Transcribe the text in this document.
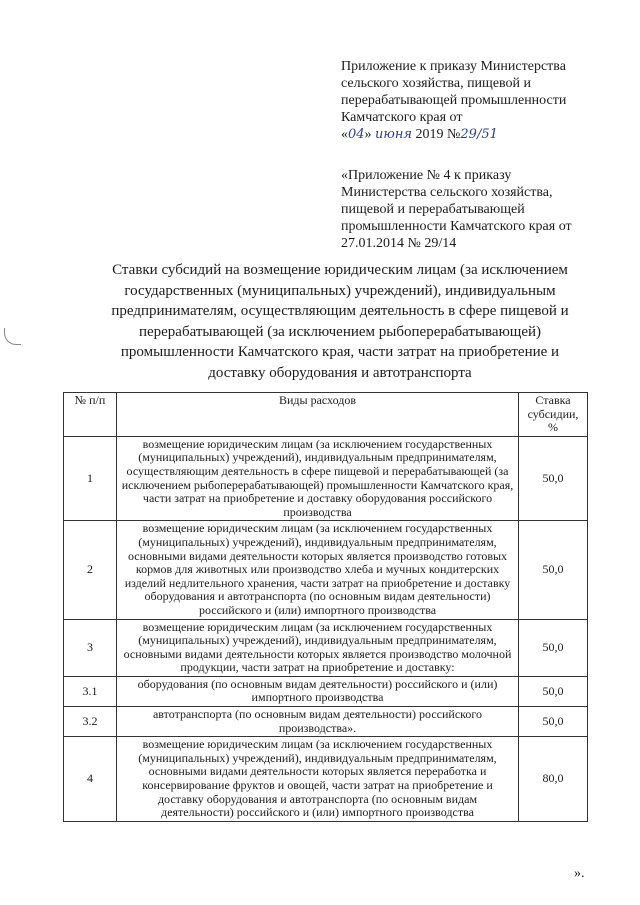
Приложение к приказу Министерства

сельского хозяйства, пищевой и

перерабатывающей промышленности

Камчатского края от

«04» июня 2019 №29/51

«Приложение № 4 к приказу

Министерства сельского хозяйства,

пищевой и перерабатывающей

промышленности Камчатского края от

27.01.2014 № 29/14

Ставки субсидий на возмещение юридическим лицам (за исключением государственных (муниципальных) учреждений), индивидуальным предпринимателям, осуществляющим деятельность в сфере пищевой и перерабатывающей (за исключением рыбоперерабатывающей) промышленности Камчатского края, части затрат на приобретение и доставку оборудования и автотранспорта
№ п/п	Виды расходов	Ставка субсидии, %
1	возмещение юридическим лицам (за исключением государственных (муниципальных) учреждений), индивидуальным предпринимателям, осуществляющим деятельность в сфере пищевой и перерабатывающей (за исключением рыбоперерабатывающей) промышленности Камчатского края, части затрат на приобретение и доставку оборудования российского производства	50,0
2	возмещение юридическим лицам (за исключением государственных (муниципальных) учреждений), индивидуальным предпринимателям, основными видами деятельности которых является производство готовых кормов для животных или производство хлеба и мучных кондитерских изделий недлительного хранения, части затрат на приобретение и доставку оборудования и автотранспорта (по основным видам деятельности) российского и (или) импортного производства	50,0
3	возмещение юридическим лицам (за исключением государственных (муниципальных) учреждений), индивидуальным предпринимателям, основными видами деятельности которых является производство молочной продукции, части затрат на приобретение и доставку:	50,0
3.1	оборудования (по основным видам деятельности) российского и (или) импортного производства	50,0
3.2	автотранспорта (по основным видам деятельности) российского производства».	50,0
4	возмещение юридическим лицам (за исключением государственных (муниципальных) учреждений), индивидуальным предпринимателям, основными видами деятельности которых является переработка и консервирование фруктов и овощей, части затрат на приобретение и доставку оборудования и автотранспорта (по основным видам деятельности) российского и (или) импортного производства	80,0
».
